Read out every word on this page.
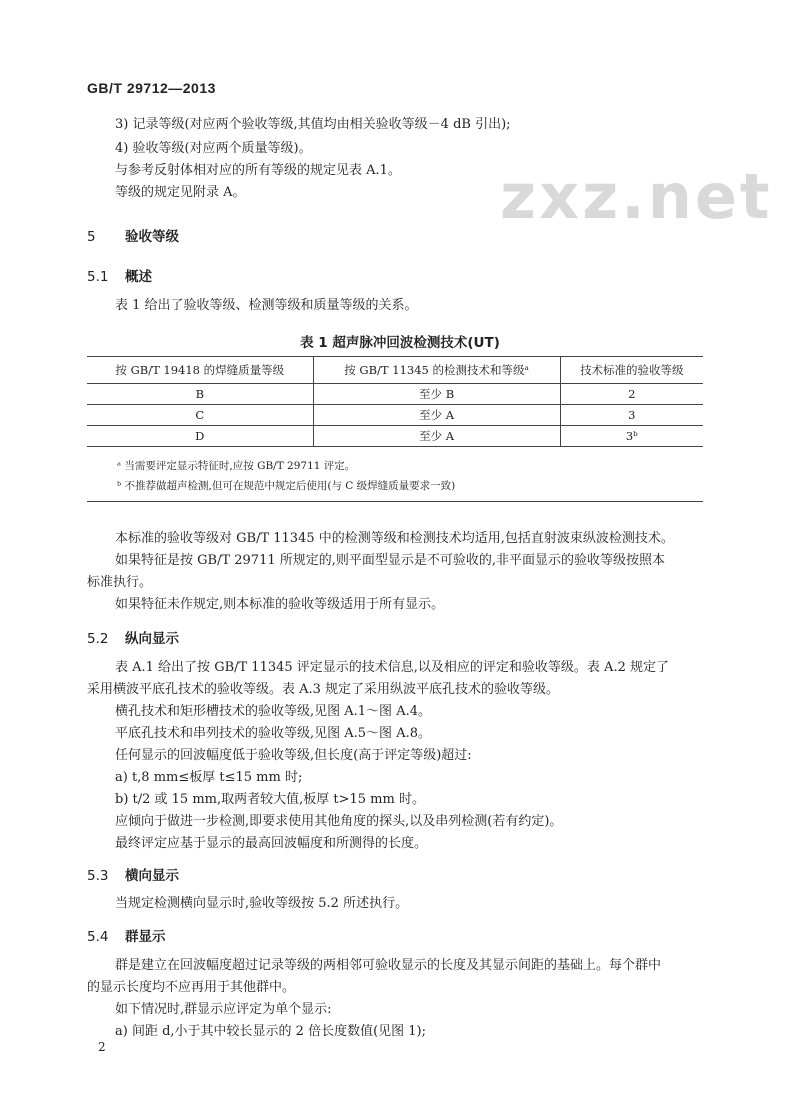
GB/T 29712—2013
zxz.net
3) 记录等级(对应两个验收等级,其值均由相关验收等级－4 dB 引出);
4) 验收等级(对应两个质量等级)。
与参考反射体相对应的所有等级的规定见表 A.1。
等级的规定见附录 A。
5 验收等级
5.1 概述
表 1 给出了验收等级、检测等级和质量等级的关系。
表 1 超声脉冲回波检测技术(UT)
按 GB/T 19418 的焊缝质量等级	按 GB/T 11345 的检测技术和等级ᵃ	技术标准的验收等级
B	至少 B	2
C	至少 A	3
D	至少 A	3ᵇ
ᵃ 当需要评定显示特征时,应按 GB/T 29711 评定。		
ᵇ 不推荐做超声检测,但可在规范中规定后使用(与 C 级焊缝质量要求一致)		
本标准的验收等级对 GB/T 11345 中的检测等级和检测技术均适用,包括直射波束纵波检测技术。
如果特征是按 GB/T 29711 所规定的,则平面型显示是不可验收的,非平面显示的验收等级按照本
标准执行。
如果特征未作规定,则本标准的验收等级适用于所有显示。
5.2 纵向显示
表 A.1 给出了按 GB/T 11345 评定显示的技术信息,以及相应的评定和验收等级。表 A.2 规定了
采用横波平底孔技术的验收等级。表 A.3 规定了采用纵波平底孔技术的验收等级。
横孔技术和矩形槽技术的验收等级,见图 A.1～图 A.4。
平底孔技术和串列技术的验收等级,见图 A.5～图 A.8。
任何显示的回波幅度低于验收等级,但长度(高于评定等级)超过:
a) t,8 mm≤板厚 t≤15 mm 时;
b) t/2 或 15 mm,取两者较大值,板厚 t>15 mm 时。
应倾向于做进一步检测,即要求使用其他角度的探头,以及串列检测(若有约定)。
最终评定应基于显示的最高回波幅度和所测得的长度。
5.3 横向显示
当规定检测横向显示时,验收等级按 5.2 所述执行。
5.4 群显示
群是建立在回波幅度超过记录等级的两相邻可验收显示的长度及其显示间距的基础上。每个群中
的显示长度均不应再用于其他群中。
如下情况时,群显示应评定为单个显示:
a) 间距 d,小于其中较长显示的 2 倍长度数值(见图 1);
2
